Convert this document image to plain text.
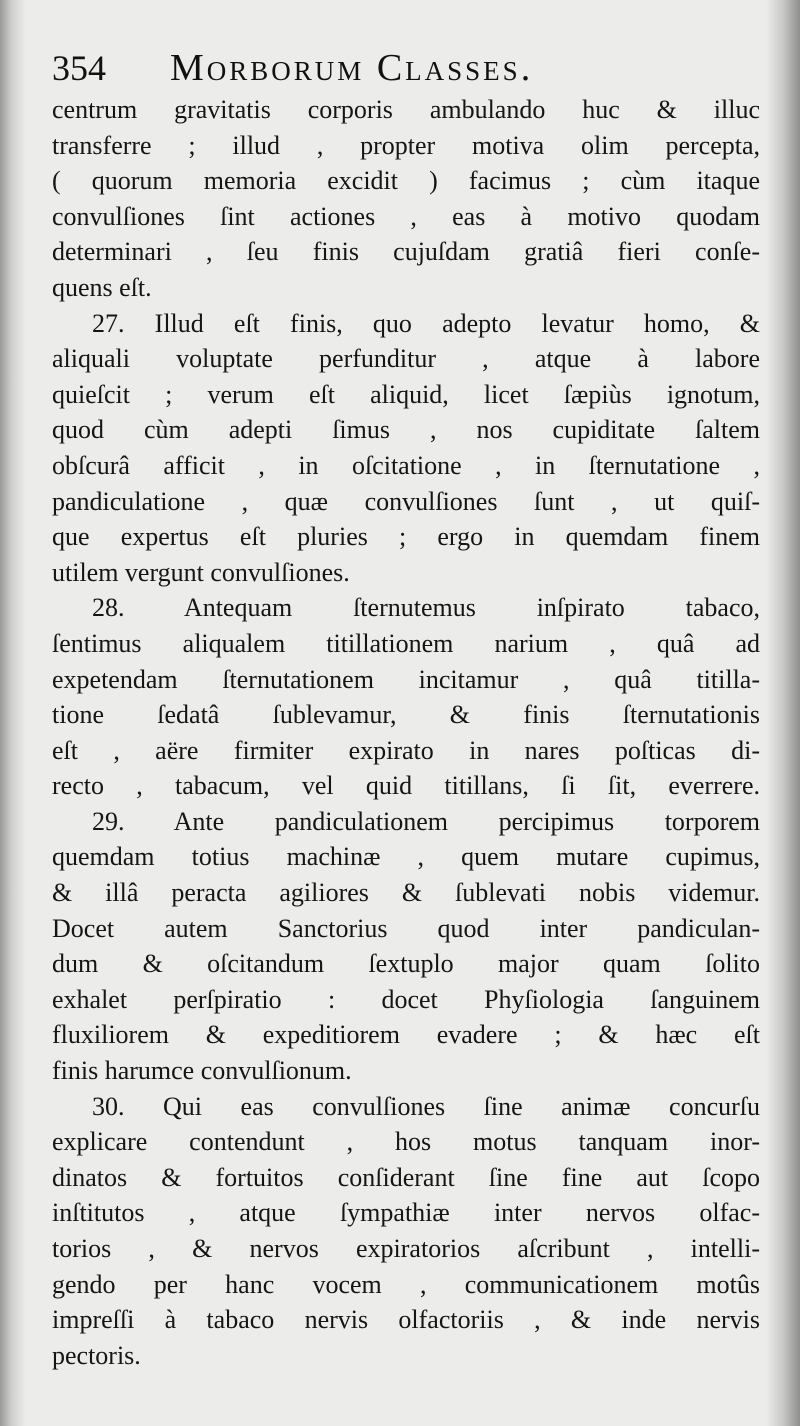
354 Morborum Classes.
centrum gravitatis corporis ambulando huc & illuc
transferre ; illud , propter motiva olim percepta,
( quorum memoria excidit ) facimus ; cùm itaque
convulſiones ſint actiones , eas à motivo quodam
determinari , ſeu finis cujuſdam gratiâ fieri conſe-
quens eſt.
27. Illud eſt finis, quo adepto levatur homo, &
aliquali voluptate perfunditur , atque à labore
quieſcit ; verum eſt aliquid, licet ſæpiùs ignotum,
quod cùm adepti ſimus , nos cupiditate ſaltem
obſcurâ afficit , in oſcitatione , in ſternutatione ,
pandiculatione , quæ convulſiones ſunt , ut quiſ-
que expertus eſt pluries ; ergo in quemdam finem
utilem vergunt convulſiones.
28. Antequam ſternutemus inſpirato tabaco,
ſentimus aliqualem titillationem narium , quâ ad
expetendam ſternutationem incitamur , quâ titilla-
tione ſedatâ ſublevamur, & finis ſternutationis
eſt , aëre firmiter expirato in nares poſticas di-
recto , tabacum, vel quid titillans, ſi ſit, everrere.
29. Ante pandiculationem percipimus torporem
quemdam totius machinæ , quem mutare cupimus,
& illâ peracta agiliores & ſublevati nobis videmur.
Docet autem Sanctorius quod inter pandiculan-
dum & oſcitandum ſextuplo major quam ſolito
exhalet perſpiratio : docet Phyſiologia ſanguinem
fluxiliorem & expeditiorem evadere ; & hæc eſt
finis harumce convulſionum.
30. Qui eas convulſiones ſine animæ concurſu
explicare contendunt , hos motus tanquam inor-
dinatos & fortuitos conſiderant ſine fine aut ſcopo
inſtitutos , atque ſympathiæ inter nervos olfac-
torios , & nervos expiratorios aſcribunt , intelli-
gendo per hanc vocem , communicationem motûs
impreſſi à tabaco nervis olfactoriis , & inde nervis
pectoris.
